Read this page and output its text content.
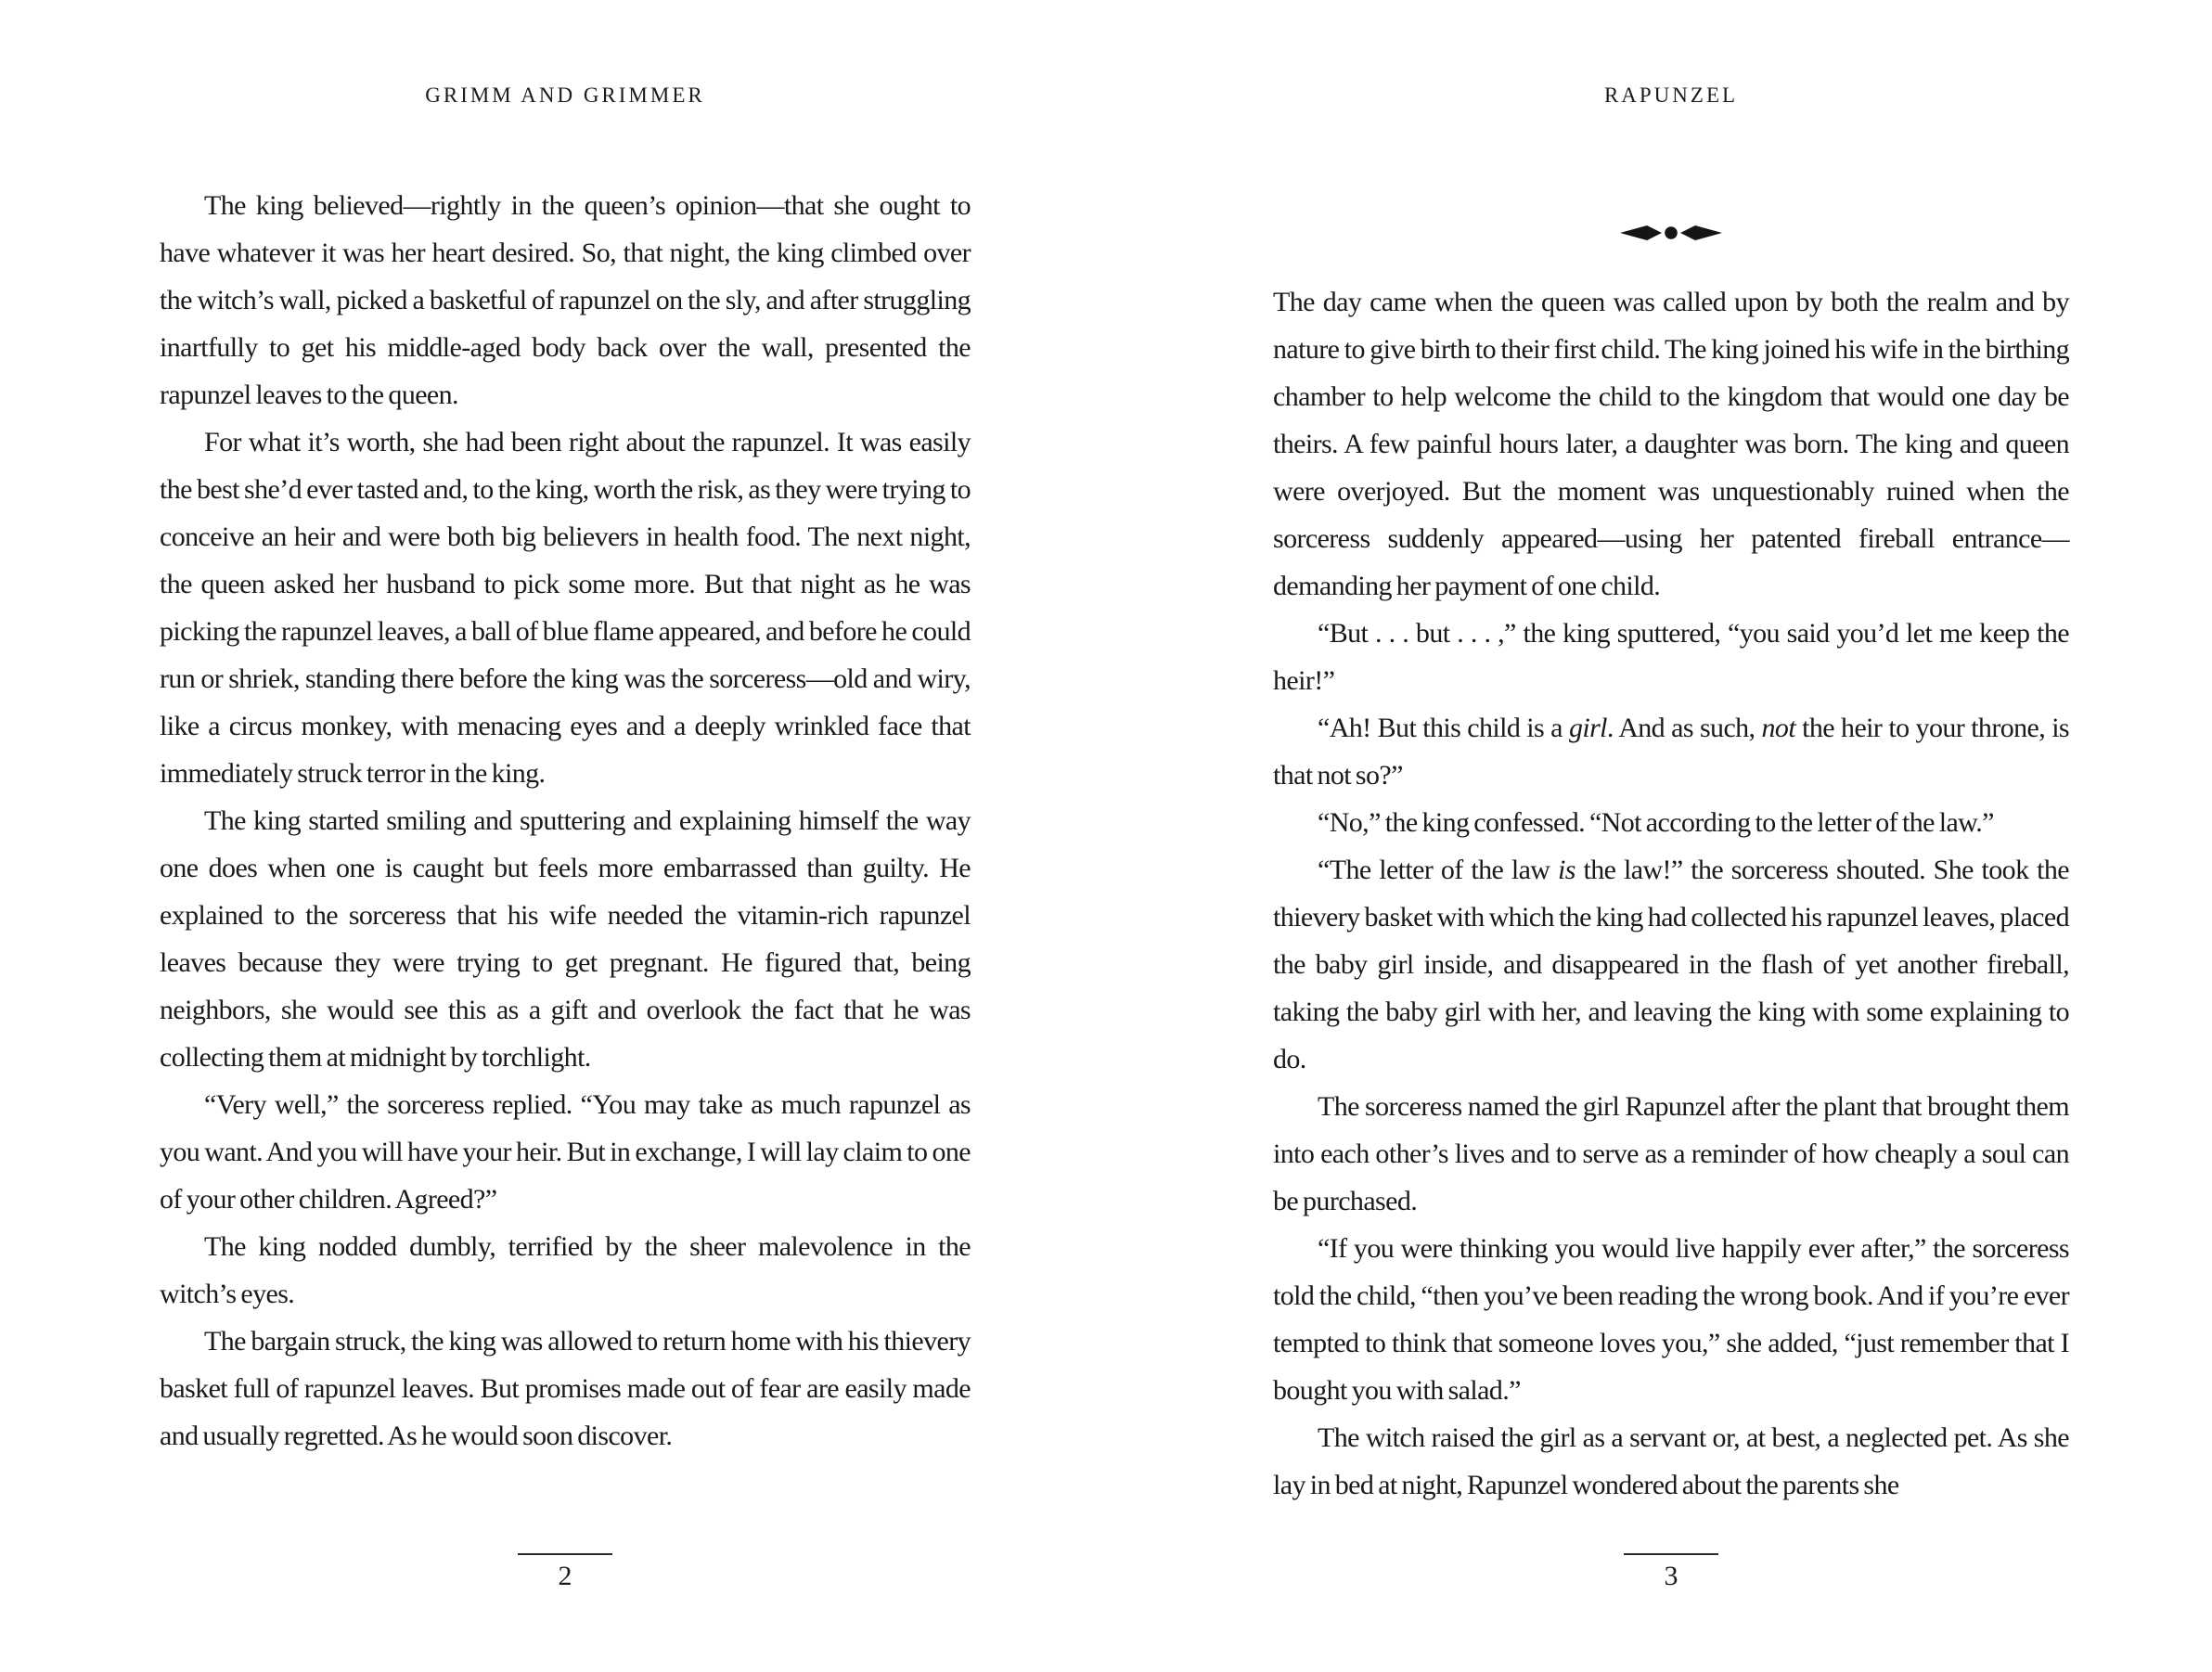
GRIMM AND GRIMMER

The king believed—rightly in the queen’s opinion—that she ought to have whatever it was her heart desired. So, that night, the king climbed over the witch’s wall, picked a basketful of rapunzel on the sly, and after struggling inartfully to get his middle-aged body back over the wall, presented the rapunzel leaves to the queen.

For what it’s worth, she had been right about the rapunzel. It was easily the best she’d ever tasted and, to the king, worth the risk, as they were trying to conceive an heir and were both big believers in health food. The next night, the queen asked her husband to pick some more. But that night as he was picking the rapunzel leaves, a ball of blue flame appeared, and before he could run or shriek, standing there before the king was the sorceress—old and wiry, like a circus monkey, with menacing eyes and a deeply wrinkled face that immediately struck terror in the king.

The king started smiling and sputtering and explaining himself the way one does when one is caught but feels more embarrassed than guilty. He explained to the sorceress that his wife needed the vitamin-rich rapunzel leaves because they were trying to get pregnant. He figured that, being neighbors, she would see this as a gift and overlook the fact that he was collecting them at midnight by torchlight.

“Very well,” the sorceress replied. “You may take as much rapunzel as you want. And you will have your heir. But in exchange, I will lay claim to one of your other children. Agreed?”

The king nodded dumbly, terrified by the sheer malevolence in the witch’s eyes.

The bargain struck, the king was allowed to return home with his thievery basket full of rapunzel leaves. But promises made out of fear are easily made and usually regretted. As he would soon discover.

2
RAPUNZEL

The day came when the queen was called upon by both the realm and by nature to give birth to their first child. The king joined his wife in the birthing chamber to help welcome the child to the kingdom that would one day be theirs. A few painful hours later, a daughter was born. The king and queen were overjoyed. But the moment was unquestionably ruined when the sorceress suddenly appeared—using her patented fireball entrance—demanding her payment of one child.

“But . . . but . . . ,” the king sputtered, “you said you’d let me keep the heir!”

“Ah! But this child is a girl. And as such, not the heir to your throne, is that not so?”

“No,” the king confessed. “Not according to the letter of the law.”

“The letter of the law is the law!” the sorceress shouted. She took the thievery basket with which the king had collected his rapunzel leaves, placed the baby girl inside, and disappeared in the flash of yet another fireball, taking the baby girl with her, and leaving the king with some explaining to do.

The sorceress named the girl Rapunzel after the plant that brought them into each other’s lives and to serve as a reminder of how cheaply a soul can be purchased.

“If you were thinking you would live happily ever after,” the sorceress told the child, “then you’ve been reading the wrong book. And if you’re ever tempted to think that someone loves you,” she added, “just remember that I bought you with salad.”

The witch raised the girl as a servant or, at best, a neglected pet. As she lay in bed at night, Rapunzel wondered about the parents she

3
